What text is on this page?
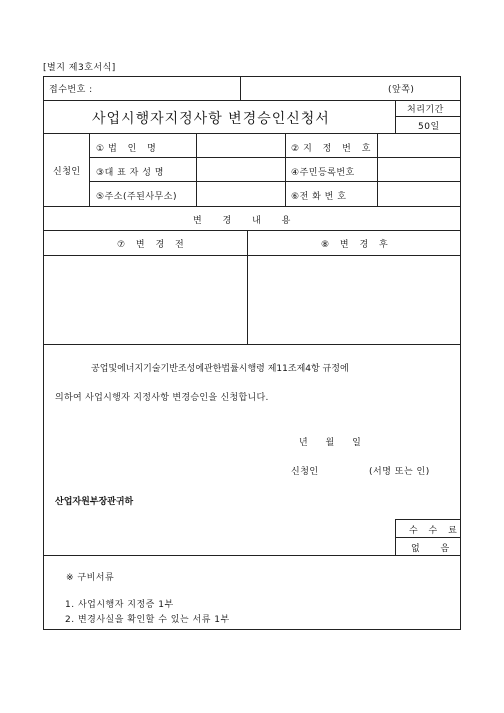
[별지 제3호서식]
접수번호 :	(앞쪽)
사업시행자지정사항 변경승인신청서
처리기간
50일
신청인
①법 인 명	②지 정 번 호
③대 표 자 성 명	④주민등록번호
⑤주소(주된사무소)	⑥전 화 번 호
변 경 내 용
⑦ 변 경 전	⑧ 변 경 후
공업및에너지기술기반조성에관한법률시행령 제11조제4항 규정에
의하여 사업시행자 지정사항 변경승인을 신청합니다.
년 월 일
신청인	(서명 또는 인)
산업자원부장관귀하
수 수 료
없 음
※ 구비서류
1. 사업시행자 지정증 1부
2. 변경사실을 확인할 수 있는 서류 1부
